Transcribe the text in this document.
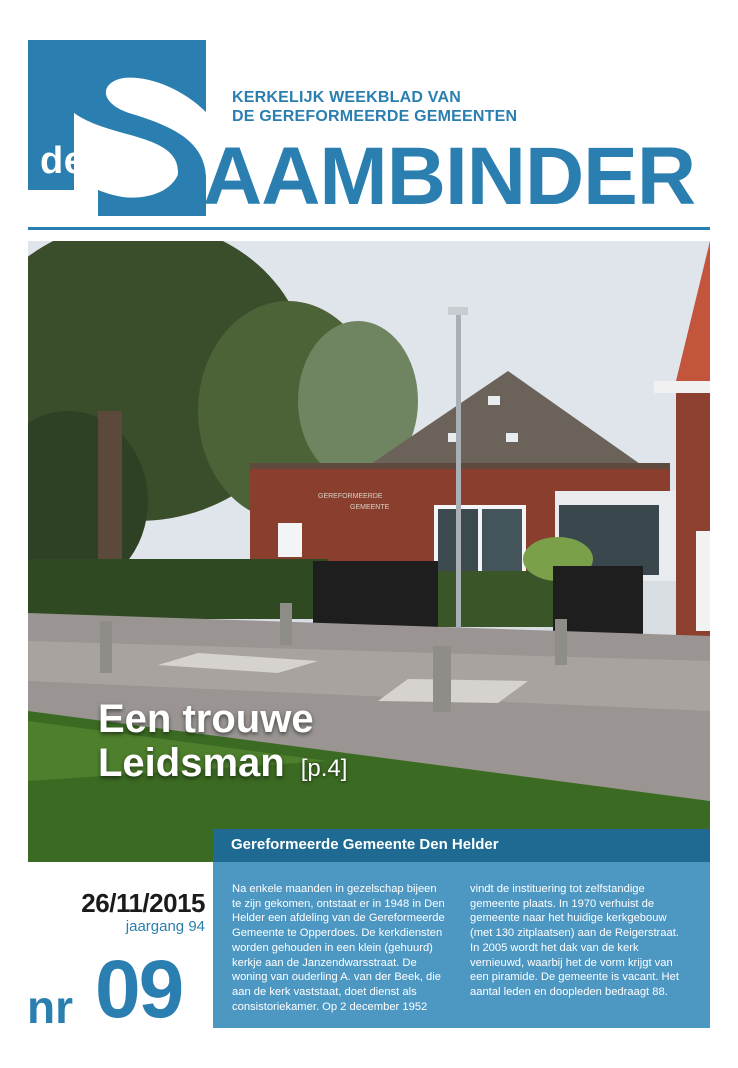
de
KERKELIJK WEEKBLAD VAN
DE GEREFORMEERDE GEMEENTEN
AAMBINDER
GEREFORMEERDE
GEMEENTE
Een trouwe
Leidsman [p.4]
Gereformeerde Gemeente Den Helder
Na enkele maanden in gezelschap bijeen te zijn gekomen, ontstaat er in 1948 in Den Helder een afdeling van de Gereformeerde Gemeente te Opperdoes. De kerkdiensten worden gehouden in een klein (gehuurd) kerkje aan de Janzendwarsstraat. De woning van ouderling A. van der Beek, die aan de kerk vaststaat, doet dienst als consistoriekamer. Op 2 december 1952
vindt de instituering tot zelfstandige gemeente plaats. In 1970 verhuist de gemeente naar het huidige kerkgebouw (met 130 zitplaatsen) aan de Reigerstraat. In 2005 wordt het dak van de kerk vernieuwd, waarbij het de vorm krijgt van een piramide. De gemeente is vacant. Het aantal leden en doopleden bedraagt 88.
26/11/2015
jaargang 94
nr 09
